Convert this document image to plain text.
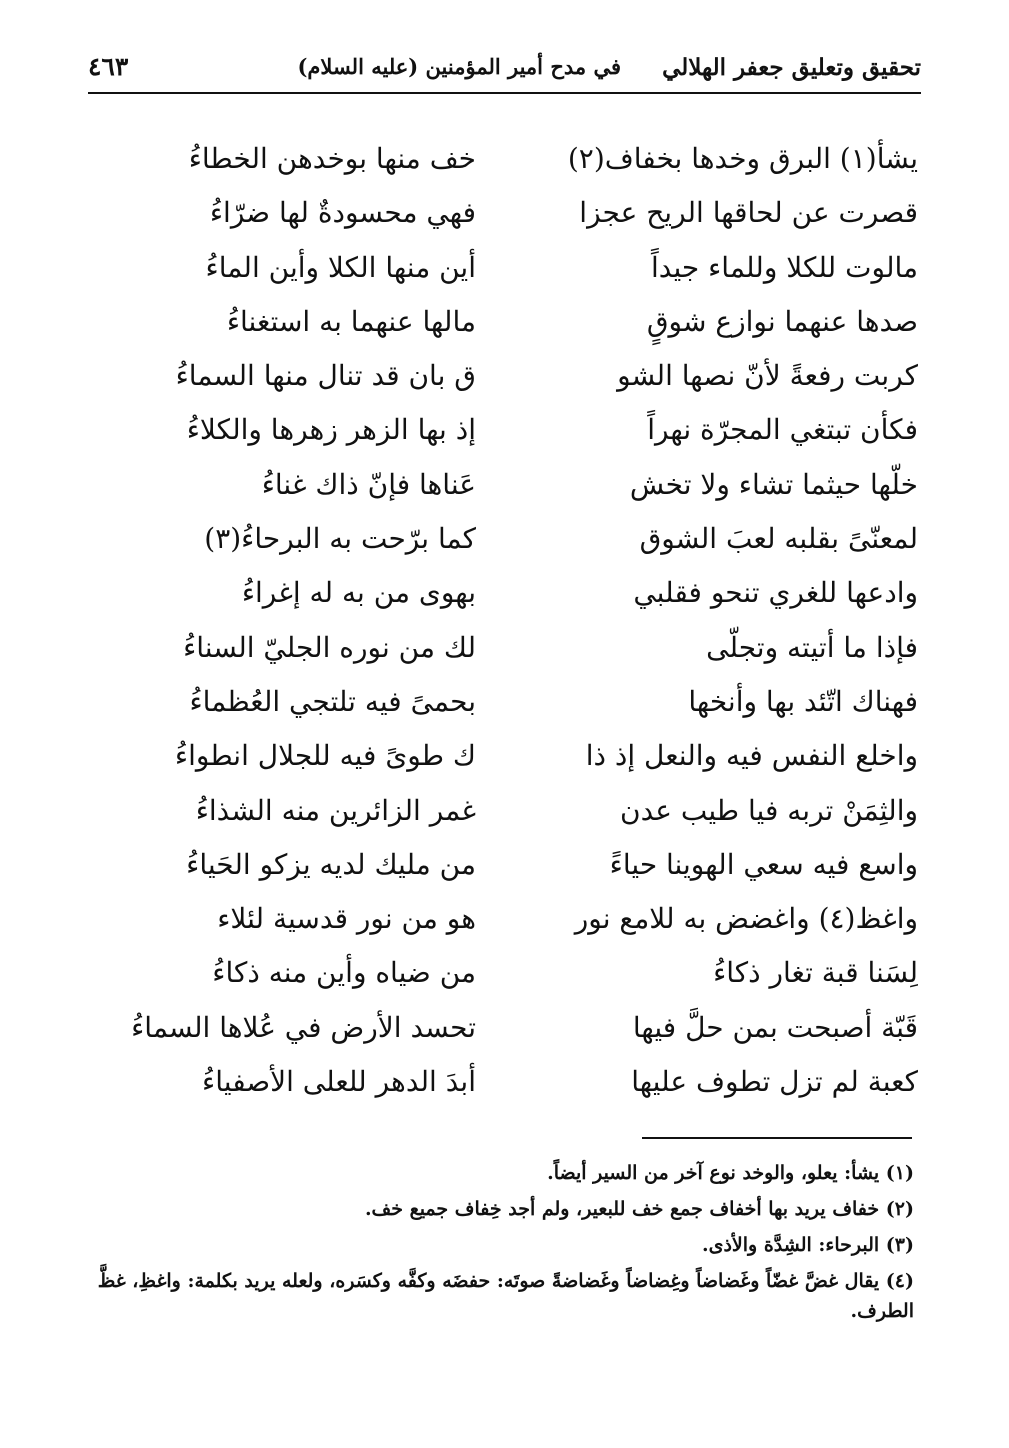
تحقيق وتعليق جعفر الهلالي
في مدح أمير المؤمنين (عليه السلام)
٤٦٣
يشأ(١) البرق وخدها بخفاف(٢)
خف منها بوخدهن الخطاءُ
قصرت عن لحاقها الريح عجزا
فهي محسودةٌ لها ضرّاءُ
مالوت للكلا وللماء جيداً
أين منها الكلا وأين الماءُ
صدها عنهما نوازع شوقٍ
مالها عنهما به استغناءُ
كربت رفعةً لأنّ نصها الشو
ق بان قد تنال منها السماءُ
فكأن تبتغي المجرّة نهراً
إذ بها الزهر زهرها والكلاءُ
خلّها حيثما تشاء ولا تخش
عَناها فإنّ ذاك غناءُ
لمعنّىً بقلبه لعبَ الشوق
كما برّحت به البرحاءُ(٣)
وادعها للغري تنحو فقلبي
بهوى من به له إغراءُ
فإذا ما أتيته وتجلّى
لك من نوره الجليّ السناءُ
فهناك اتّئد بها وأنخها
بحمىً فيه تلتجي العُظماءُ
واخلع النفس فيه والنعل إذ ذا
ك طوىً فيه للجلال انطواءُ
والثِمَنْ تربه فيا طيب عدن
غمر الزائرين منه الشذاءُ
واسع فيه سعي الهوينا حياءً
من مليك لديه يزكو الحَياءُ
واغظ(٤) واغضض به للامع نور
هو من نور قدسية لئلاء
لِسَنا قبة تغار ذكاءُ
من ضياه وأين منه ذكاءُ
قَبّة أصبحت بمن حلَّ فيها
تحسد الأرض في عُلاها السماءُ
كعبة لم تزل تطوف عليها
أبدَ الدهر للعلى الأصفياءُ
(١) يشأ: يعلو، والوخد نوع آخر من السير أيضاً.
(٢) خفاف يريد بها أخفاف جمع خف للبعير، ولم أجد خِفاف جميع خف.
(٣) البرحاء: الشِدَّة والأذى.
(٤) يقال غضَّ غضّاً وغَضاضاً وغِضاضاً وغَضاضةً صوتَه: حفضَه وكفَّه وكسَره، ولعله يريد بكلمة: واغظِ، غظَّ الطرف.
